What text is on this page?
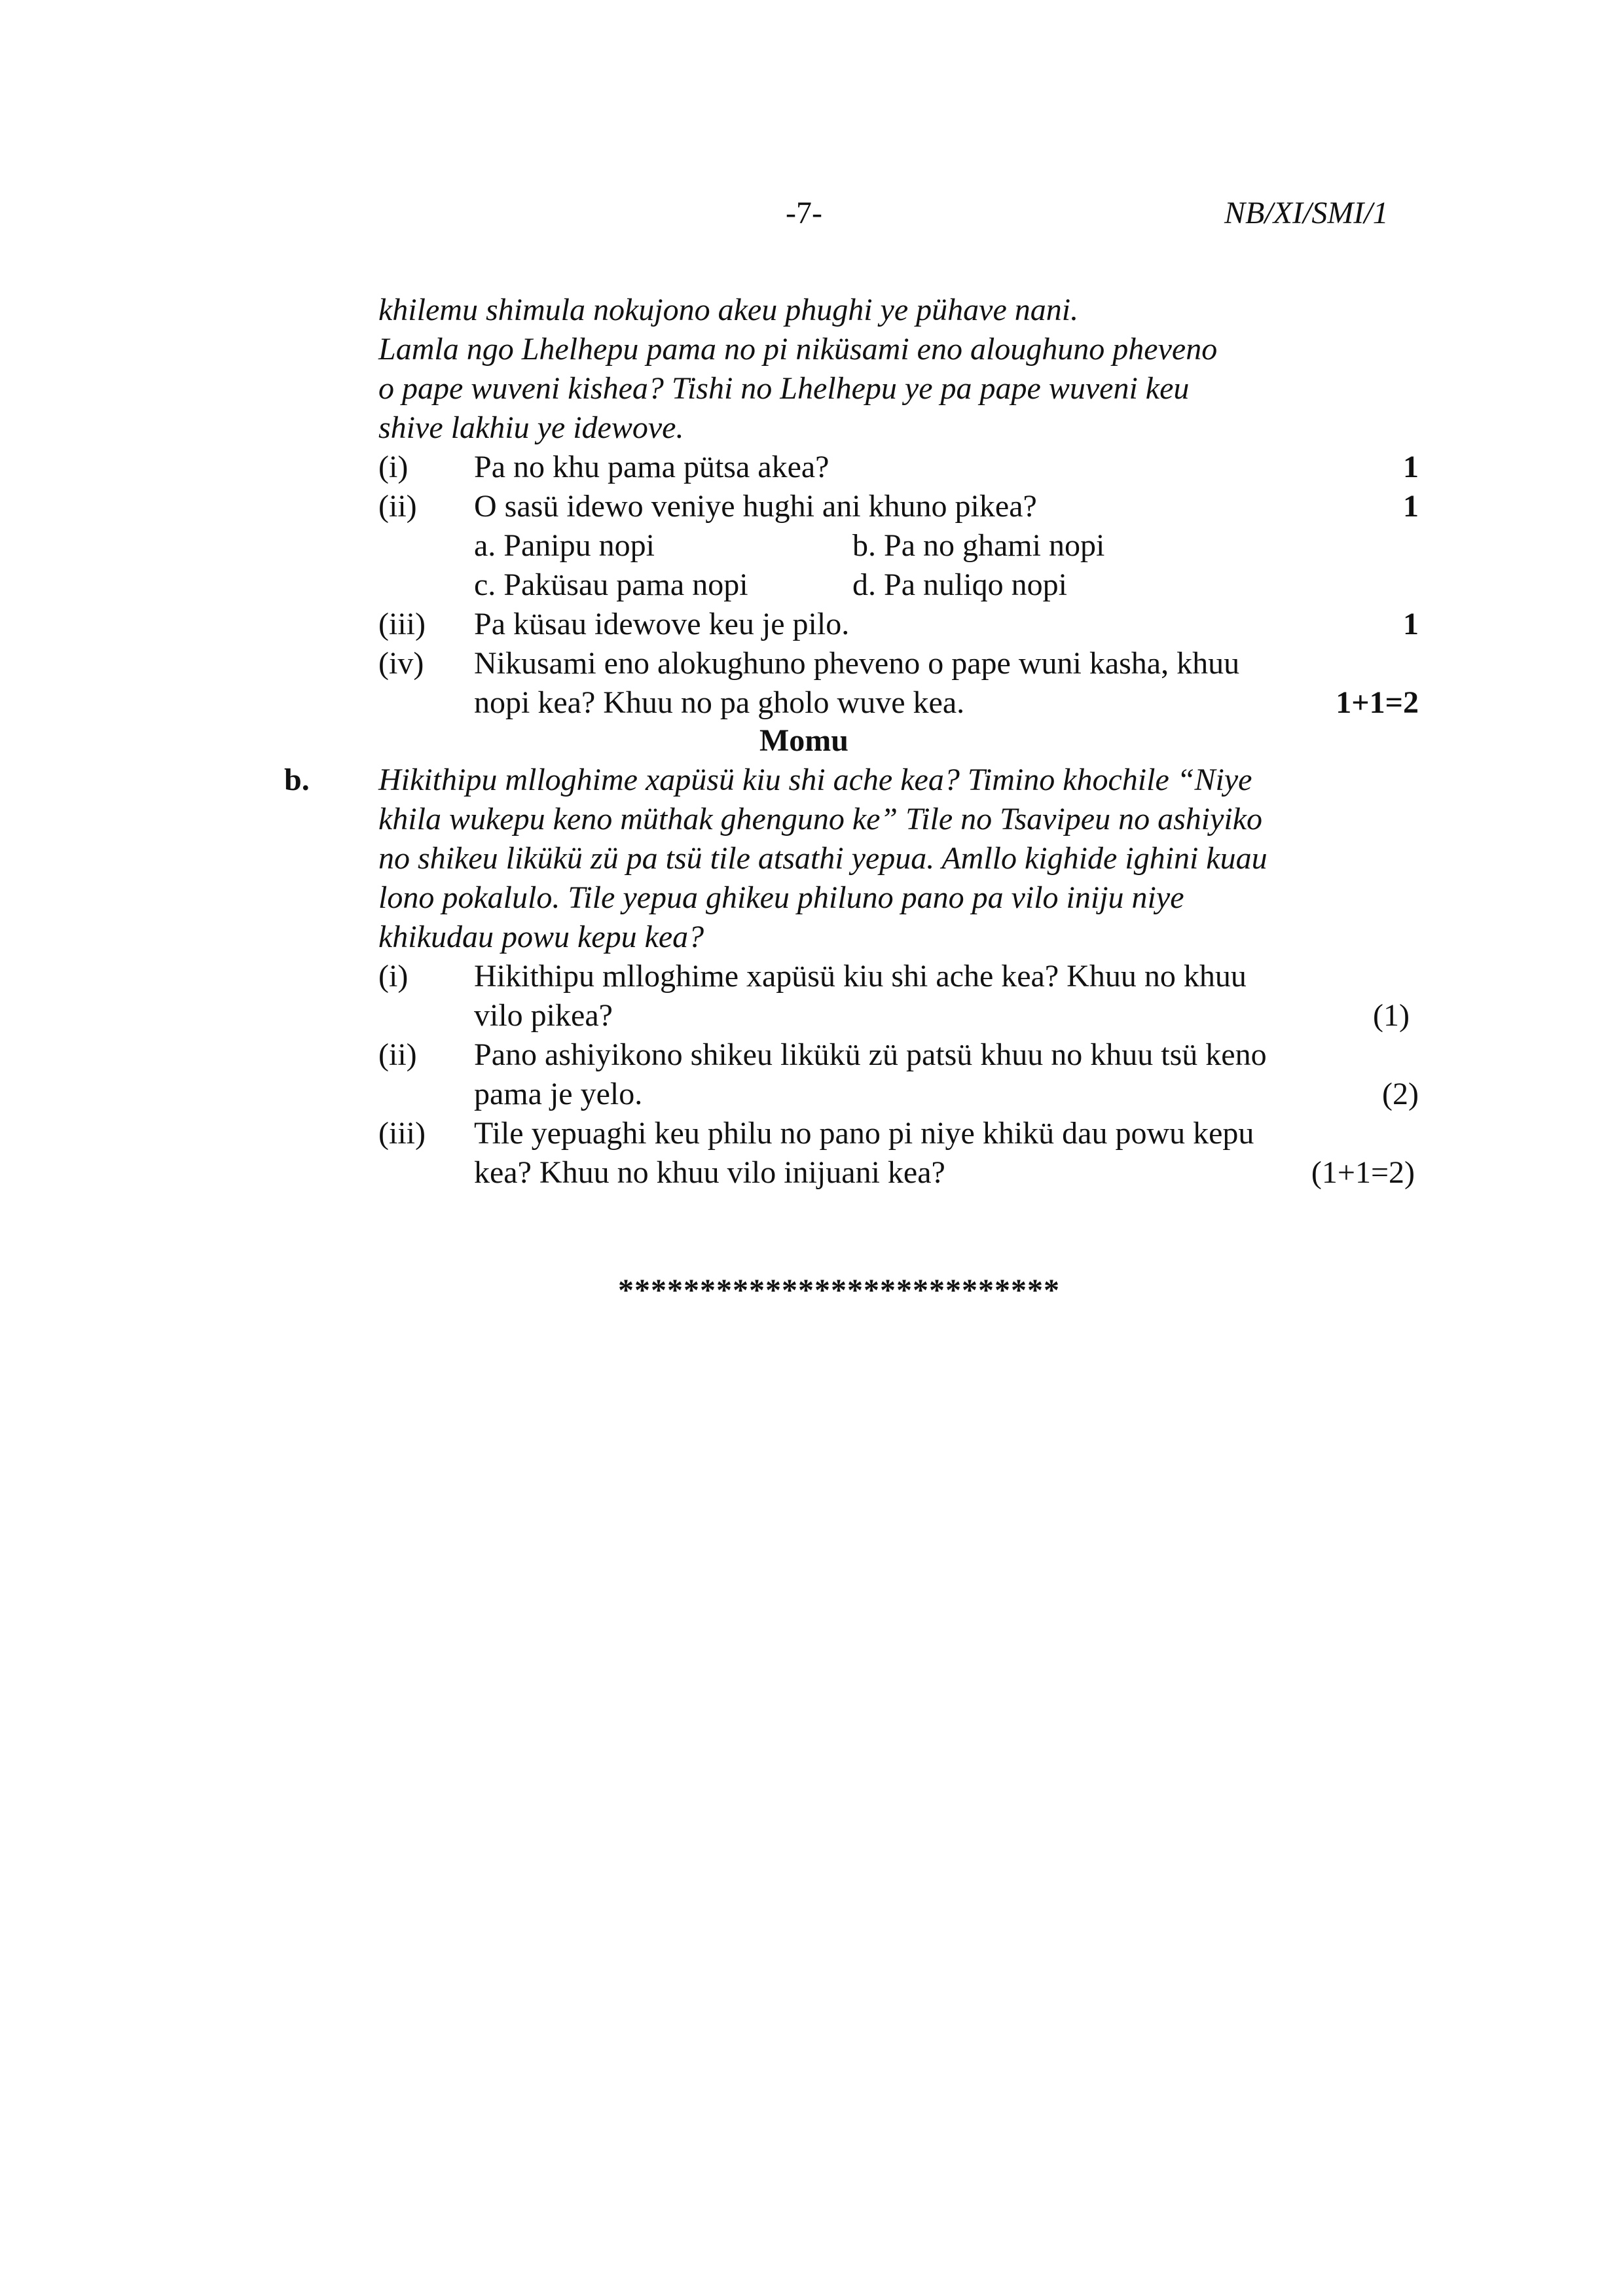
-7-	NB/XI/SMI/1
khilemu shimula nokujono akeu phughi ye pühave nani.
Lamla ngo Lhelhepu pama no pi niküsami eno aloughuno pheveno
o pape wuveni kishea? Tishi no Lhelhepu ye pa pape wuveni keu
shive lakhiu ye idewove.
(i) Pa no khu pama pütsa akea?	1
(ii) O sasü idewo veniye hughi ani khuno pikea?	1
a. Panipu nopi	b. Pa no ghami nopi
c. Paküsau pama nopi	d. Pa nuliqo nopi
(iii) Pa küsau idewove keu je pilo.	1
(iv) Nikusami eno alokughuno pheveno o pape wuni kasha, khuu
nopi kea? Khuu no pa gholo wuve kea.	1+1=2
Momu
b. Hikithipu mlloghime xapüsü kiu shi ache kea? Timino khochile “Niye
khila wukepu keno müthak ghenguno ke” Tile no Tsavipeu no ashiyiko
no shikeu likükü zü pa tsü tile atsathi yepua. Amllo kighide ighini kuau
lono pokalulo. Tile yepua ghikeu philuno pano pa vilo iniju niye
khikudau powu kepu kea?
(i) Hikithipu mlloghime xapüsü kiu shi ache kea? Khuu no khuu
vilo pikea?	(1)
(ii) Pano ashiyikono shikeu likükü zü patsü khuu no khuu tsü keno
pama je yelo.	(2)
(iii) Tile yepuaghi keu philu no pano pi niye khikü dau powu kepu
kea? Khuu no khuu vilo inijuani kea?	(1+1=2)
***************************
